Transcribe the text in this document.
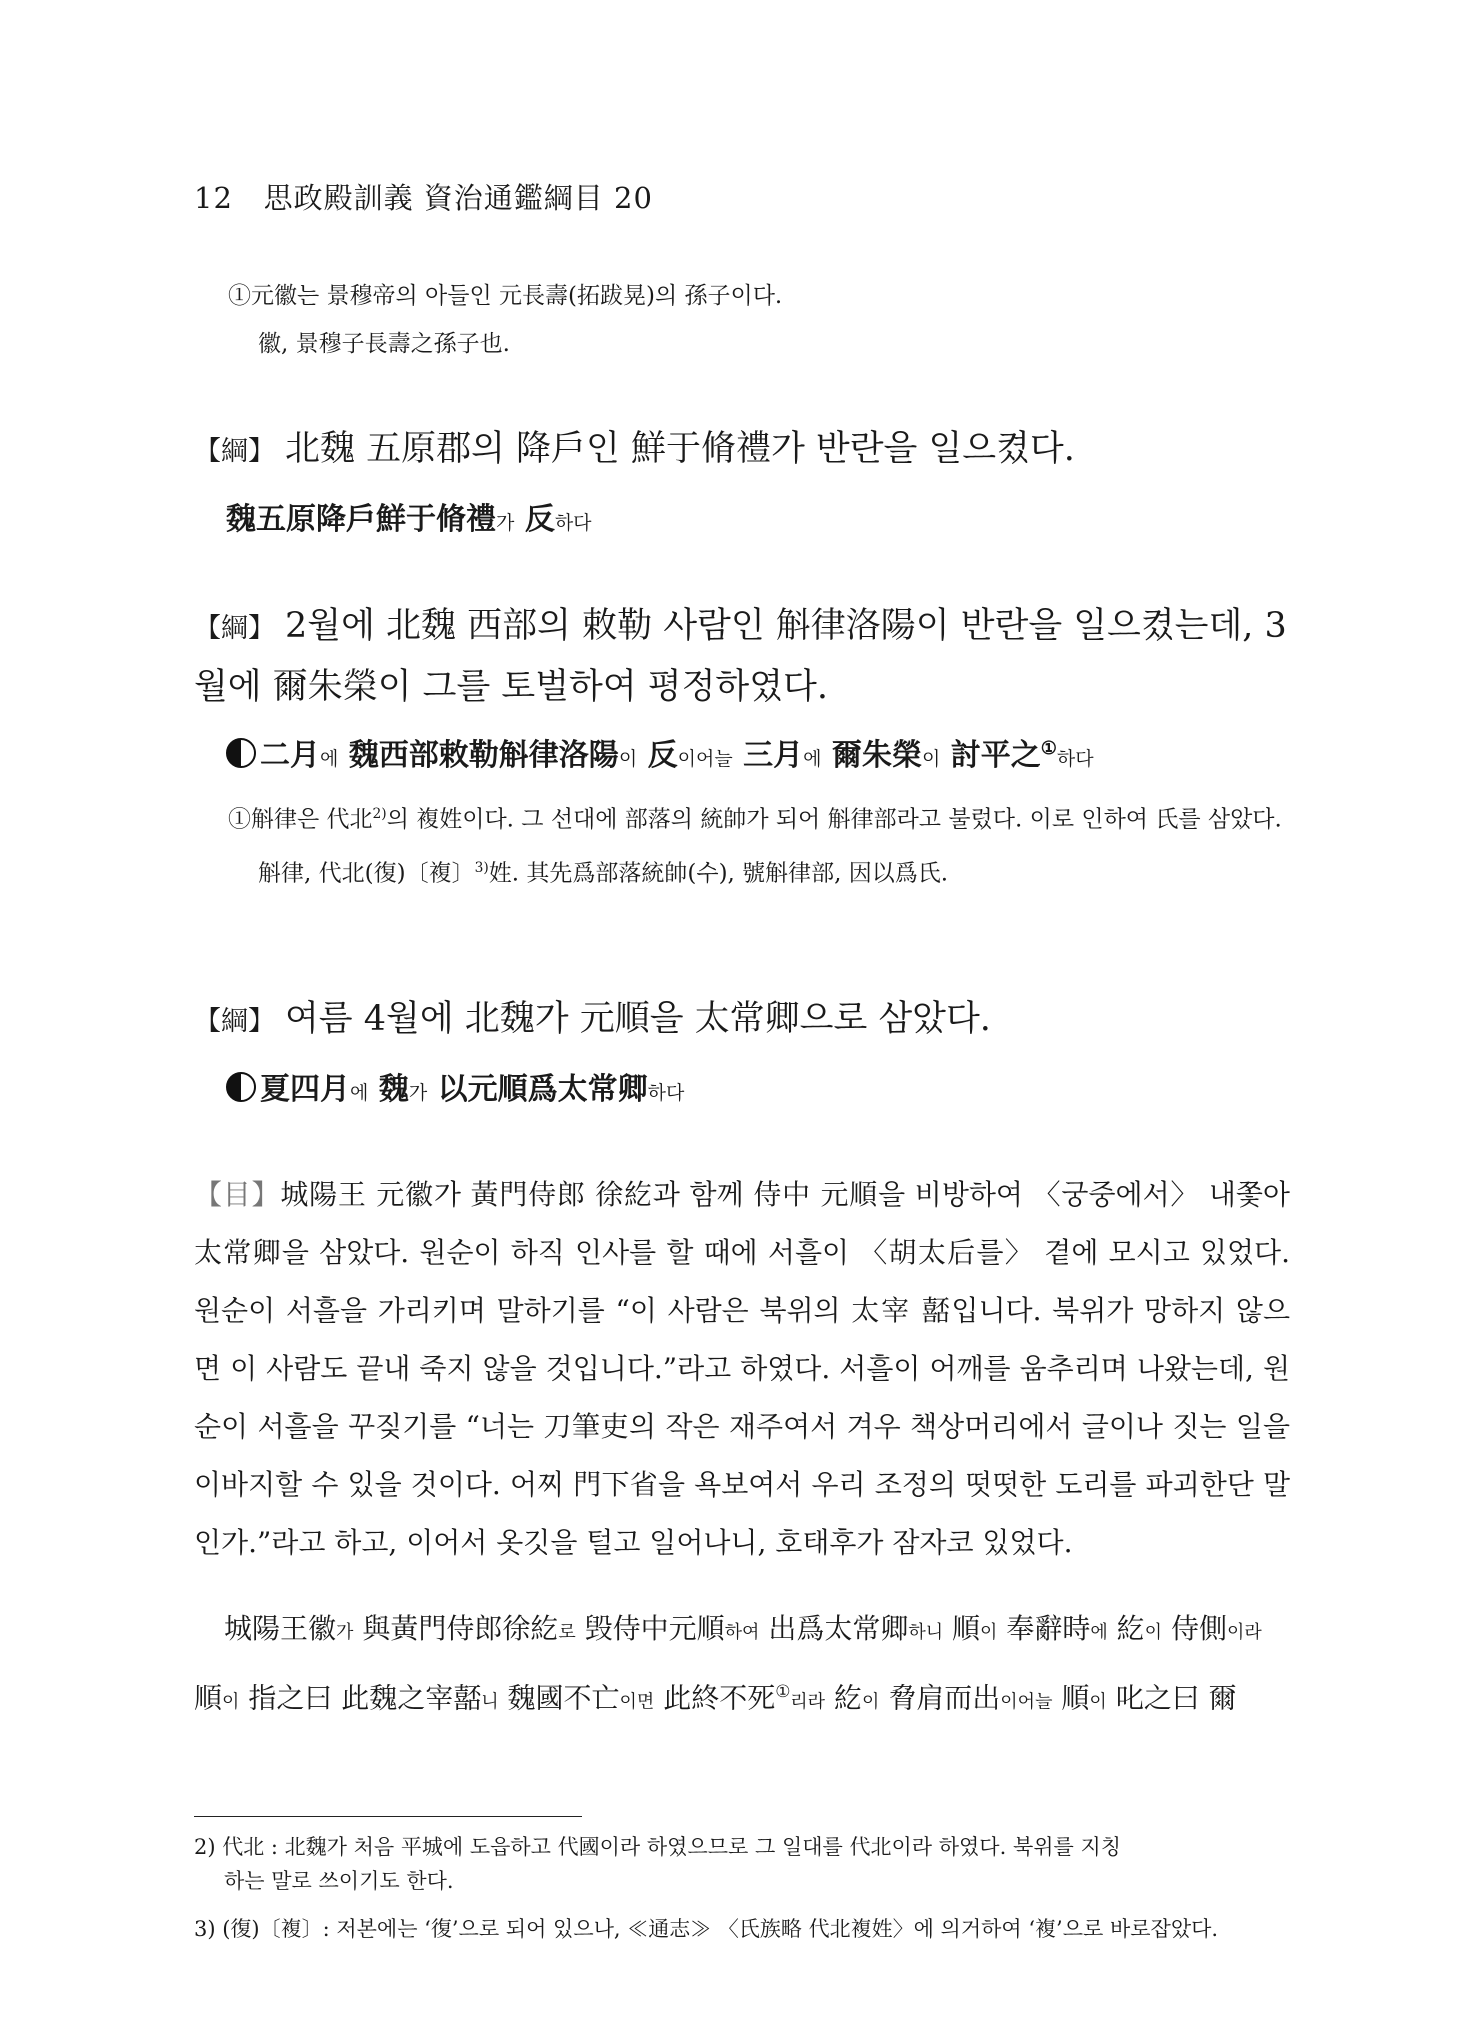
12 思政殿訓義 資治通鑑綱目 20
①元徽는 景穆帝의 아들인 元長壽(拓跋晃)의 孫子이다.
徽, 景穆子長壽之孫子也.
【綱】 北魏 五原郡의 降戶인 鮮于脩禮가 반란을 일으켰다.
魏五原降戶鮮于脩禮가 反하다
【綱】 2월에 北魏 西部의 敕勒 사람인 斛律洛陽이 반란을 일으켰는데, 3월에 爾朱榮이 그를 토벌하여 평정하였다.
二月에 魏西部敕勒斛律洛陽이 反이어늘 三月에 爾朱榮이 討平之①하다
①斛律은 代北$^{2)}$의 複姓이다. 그 선대에 部落의 統帥가 되어 斛律部라고 불렀다. 이로 인하여 氏를 삼았다.
斛律, 代北(復)〔複〕$^{3)}$姓. 其先爲部落統帥(수), 號斛律部, 因以爲氏.
【綱】 여름 4월에 北魏가 元順을 太常卿으로 삼았다.
夏四月에 魏가 以元順爲太常卿하다
【目】城陽王 元徽가 黃門侍郎 徐紇과 함께 侍中 元順을 비방하여 〈궁중에서〉 내쫓아 太常卿을 삼았다. 원순이 하직 인사를 할 때에 서흘이 〈胡太后를〉 곁에 모시고 있었다. 원순이 서흘을 가리키며 말하기를 “이 사람은 북위의 太宰 嚭입니다. 북위가 망하지 않으면 이 사람도 끝내 죽지 않을 것입니다.”라고 하였다. 서흘이 어깨를 움추리며 나왔는데, 원순이 서흘을 꾸짖기를 “너는 刀筆吏의 작은 재주여서 겨우 책상머리에서 글이나 짓는 일을 이바지할 수 있을 것이다. 어찌 門下省을 욕보여서 우리 조정의 떳떳한 도리를 파괴한단 말인가.”라고 하고, 이어서 옷깃을 털고 일어나니, 호태후가 잠자코 있었다.
城陽王徽가 與黃門侍郎徐紇로 毁侍中元順하여 出爲太常卿하니 順이 奉辭時에 紇이 侍側이라 順이 指之曰 此魏之宰嚭니 魏國不亡이면 此終不死①리라 紇이 脅肩而出이어늘 順이 叱之曰 爾
2) 代北 : 北魏가 처음 平城에 도읍하고 代國이라 하였으므로 그 일대를 代北이라 하였다. 북위를 지칭
하는 말로 쓰이기도 한다.
3) (復)〔複〕: 저본에는 ‘復’으로 되어 있으나, ≪通志≫ 〈氏族略 代北複姓〉에 의거하여 ‘複’으로 바로잡았다.
